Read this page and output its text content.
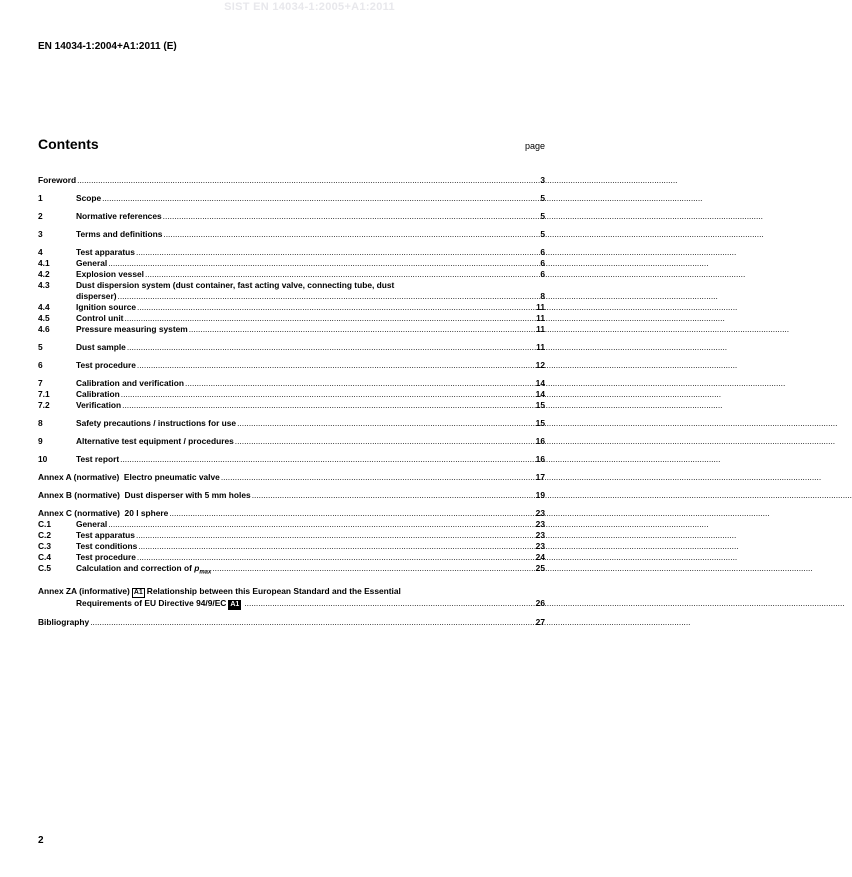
SIST EN 14034-1:2005+A1:2011
EN 14034-1:2004+A1:2011 (E)
Contents	page
Foreword .....	3
1	Scope .....	5
2	Normative references .....	5
3	Terms and definitions .....	5
4	Test apparatus .....	6
4.1	General .....	6
4.2	Explosion vessel .....	6
4.3	Dust dispersion system (dust container, fast acting valve, connecting tube, dust
disperser) .....	8
4.4	Ignition source .....	11
4.5	Control unit .....	11
4.6	Pressure measuring system .....	11
5	Dust sample .....	11
6	Test procedure .....	12
7	Calibration and verification .....	14
7.1	Calibration .....	14
7.2	Verification .....	15
8	Safety precautions / instructions for use .....	15
9	Alternative test equipment / procedures .....	16
10	Test report .....	16
Annex A (normative)  Electro pneumatic valve .....	17
Annex B (normative)  Dust disperser with 5 mm holes .....	19
Annex C (normative)  20 l sphere .....	23
C.1	General .....	23
C.2	Test apparatus .....	23
C.3	Test conditions .....	23
C.4	Test procedure .....	24
C.5	Calculation and correction of $p_{max}$ .....	25
Annex ZA (informative) A1 Relationship between this European Standard and the Essential
Requirements of EU Directive 94/9/EC A1 .....	26
Bibliography .....	27
2
